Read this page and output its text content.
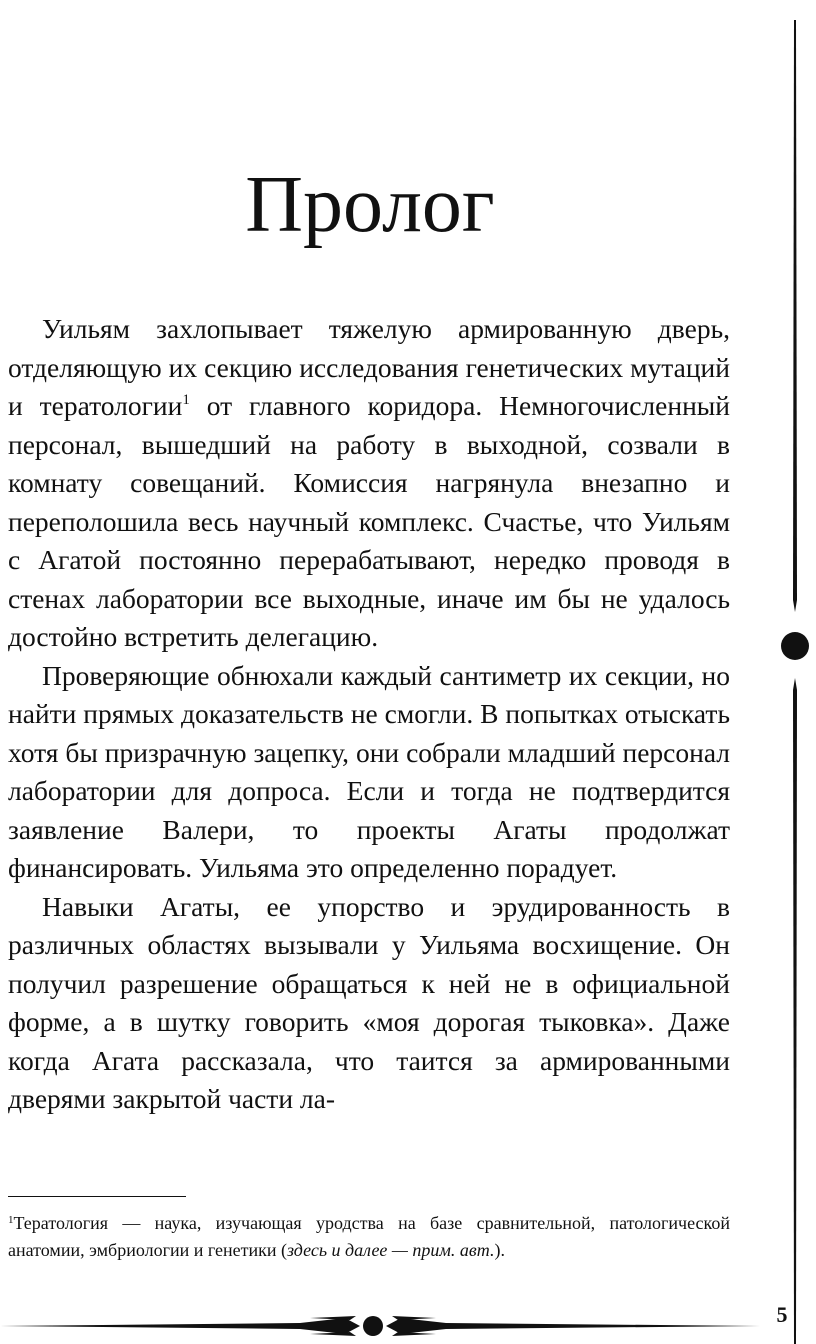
Пролог

Уильям захлопывает тяжелую армированную дверь, отделяющую их секцию исследования генетических мутаций и тератологии$^1$ от главного коридора. Немногочисленный персонал, вышедший на работу в выходной, созвали в комнату совещаний. Комиссия нагрянула внезапно и переполошила весь научный комплекс. Счастье, что Уильям с Агатой постоянно перерабатывают, нередко проводя в стенах лаборатории все выходные, иначе им бы не удалось достойно встретить делегацию.

Проверяющие обнюхали каждый сантиметр их секции, но найти прямых доказательств не смогли. В попытках отыскать хотя бы призрачную зацепку, они собрали младший персонал лаборатории для допроса. Если и тогда не подтвердится заявление Валери, то проекты Агаты продолжат финансировать. Уильяма это определенно порадует.

Навыки Агаты, ее упорство и эрудированность в различных областях вызывали у Уильяма восхищение. Он получил разрешение обращаться к ней не в официальной форме, а в шутку говорить «моя дорогая тыковка». Даже когда Агата рассказала, что таится за армированными дверями закрытой части ла-

$^1$Тератология — наука, изучающая уродства на базе сравнительной, патологической анатомии, эмбриологии и генетики (здесь и далее — прим. авт.).

5
